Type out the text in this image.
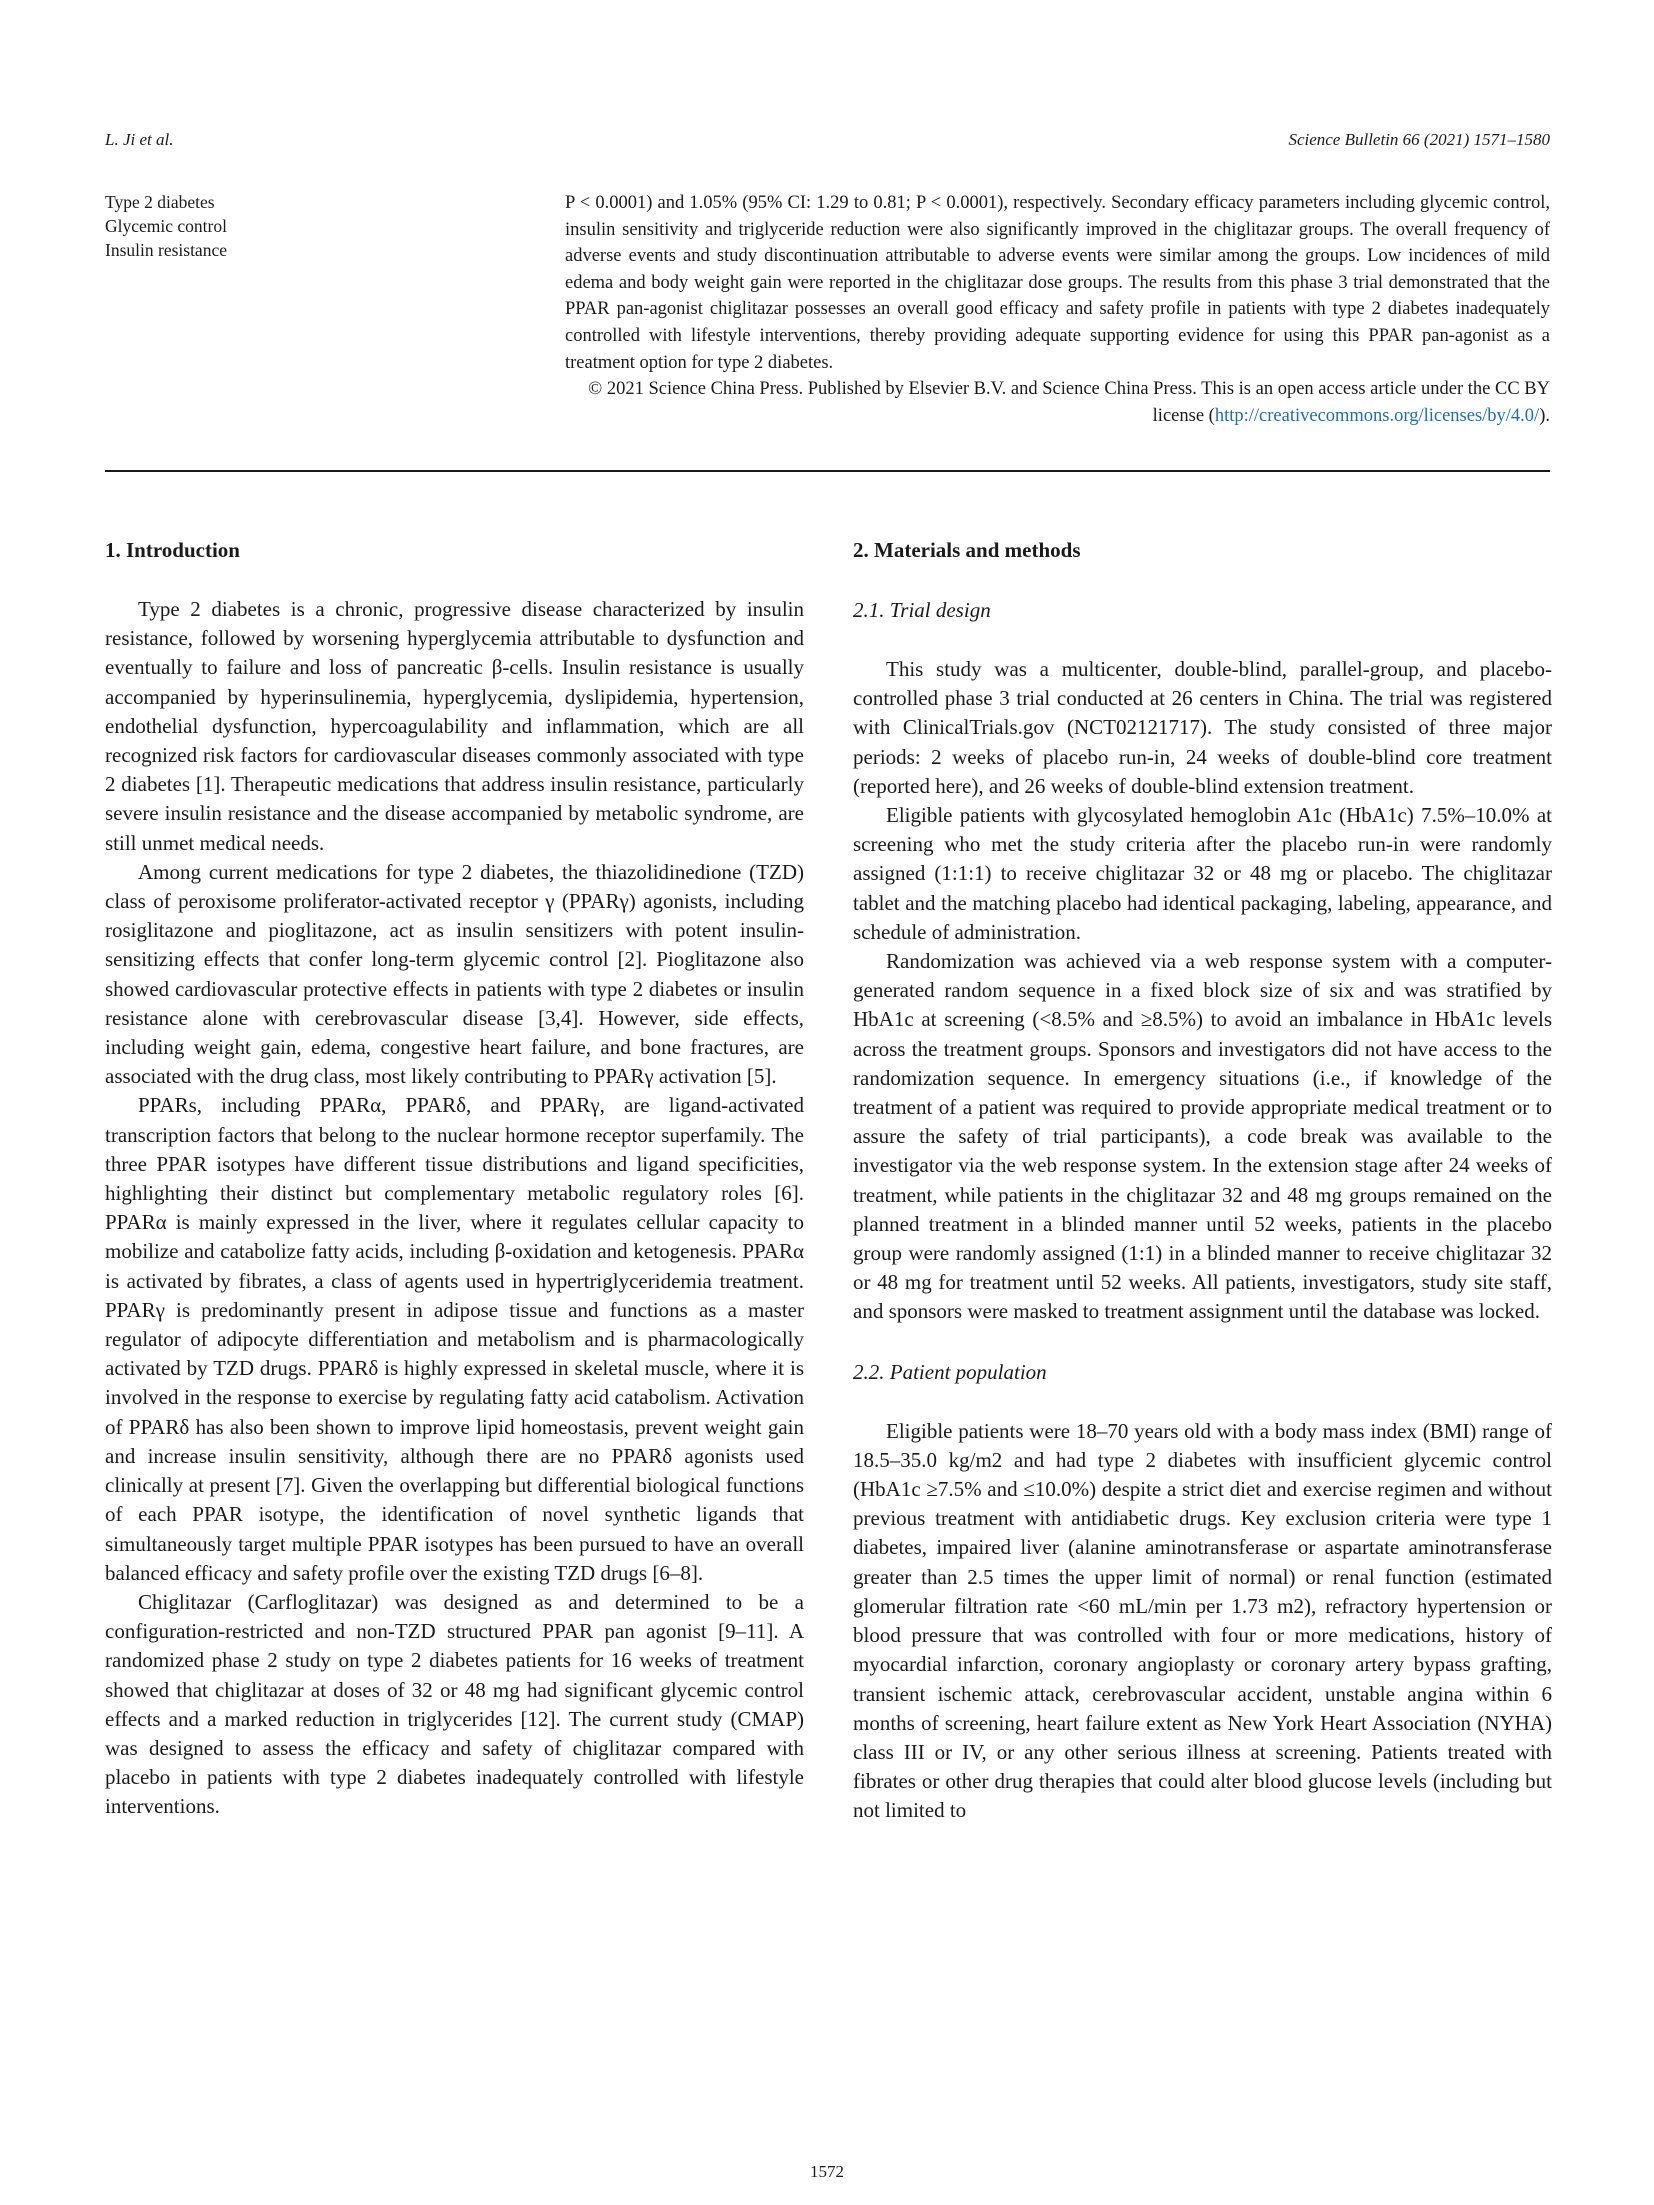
L. Ji et al.	Science Bulletin 66 (2021) 1571–1580
Type 2 diabetes
Glycemic control
Insulin resistance

P < 0.0001) and 1.05% (95% CI: 1.29 to 0.81; P < 0.0001), respectively. Secondary efficacy parameters including glycemic control, insulin sensitivity and triglyceride reduction were also significantly improved in the chiglitazar groups. The overall frequency of adverse events and study discontinuation attributable to adverse events were similar among the groups. Low incidences of mild edema and body weight gain were reported in the chiglitazar dose groups. The results from this phase 3 trial demonstrated that the PPAR pan-agonist chiglitazar possesses an overall good efficacy and safety profile in patients with type 2 diabetes inadequately controlled with lifestyle interventions, thereby providing adequate supporting evidence for using this PPAR pan-agonist as a treatment option for type 2 diabetes.

© 2021 Science China Press. Published by Elsevier B.V. and Science China Press. This is an open access article under the CC BY license (http://creativecommons.org/licenses/by/4.0/).

1. Introduction

Type 2 diabetes is a chronic, progressive disease characterized by insulin resistance, followed by worsening hyperglycemia attributable to dysfunction and eventually to failure and loss of pancreatic β-cells. Insulin resistance is usually accompanied by hyperinsulinemia, hyperglycemia, dyslipidemia, hypertension, endothelial dysfunction, hypercoagulability and inflammation, which are all recognized risk factors for cardiovascular diseases commonly associated with type 2 diabetes [1]. Therapeutic medications that address insulin resistance, particularly severe insulin resistance and the disease accompanied by metabolic syndrome, are still unmet medical needs.

Among current medications for type 2 diabetes, the thiazolidinedione (TZD) class of peroxisome proliferator-activated receptor γ (PPARγ) agonists, including rosiglitazone and pioglitazone, act as insulin sensitizers with potent insulin-sensitizing effects that confer long-term glycemic control [2]. Pioglitazone also showed cardiovascular protective effects in patients with type 2 diabetes or insulin resistance alone with cerebrovascular disease [3,4]. However, side effects, including weight gain, edema, congestive heart failure, and bone fractures, are associated with the drug class, most likely contributing to PPARγ activation [5].

PPARs, including PPARα, PPARδ, and PPARγ, are ligand-activated transcription factors that belong to the nuclear hormone receptor superfamily. The three PPAR isotypes have different tissue distributions and ligand specificities, highlighting their distinct but complementary metabolic regulatory roles [6]. PPARα is mainly expressed in the liver, where it regulates cellular capacity to mobilize and catabolize fatty acids, including β-oxidation and ketogenesis. PPARα is activated by fibrates, a class of agents used in hypertriglyceridemia treatment. PPARγ is predominantly present in adipose tissue and functions as a master regulator of adipocyte differentiation and metabolism and is pharmacologically activated by TZD drugs. PPARδ is highly expressed in skeletal muscle, where it is involved in the response to exercise by regulating fatty acid catabolism. Activation of PPARδ has also been shown to improve lipid homeostasis, prevent weight gain and increase insulin sensitivity, although there are no PPARδ agonists used clinically at present [7]. Given the overlapping but differential biological functions of each PPAR isotype, the identification of novel synthetic ligands that simultaneously target multiple PPAR isotypes has been pursued to have an overall balanced efficacy and safety profile over the existing TZD drugs [6–8].

Chiglitazar (Carfloglitazar) was designed as and determined to be a configuration-restricted and non-TZD structured PPAR pan agonist [9–11]. A randomized phase 2 study on type 2 diabetes patients for 16 weeks of treatment showed that chiglitazar at doses of 32 or 48 mg had significant glycemic control effects and a marked reduction in triglycerides [12]. The current study (CMAP) was designed to assess the efficacy and safety of chiglitazar compared with placebo in patients with type 2 diabetes inadequately controlled with lifestyle interventions.

2. Materials and methods
2.1. Trial design

This study was a multicenter, double-blind, parallel-group, and placebo-controlled phase 3 trial conducted at 26 centers in China. The trial was registered with ClinicalTrials.gov (NCT02121717). The study consisted of three major periods: 2 weeks of placebo run-in, 24 weeks of double-blind core treatment (reported here), and 26 weeks of double-blind extension treatment.

Eligible patients with glycosylated hemoglobin A1c (HbA1c) 7.5%–10.0% at screening who met the study criteria after the placebo run-in were randomly assigned (1:1:1) to receive chiglitazar 32 or 48 mg or placebo. The chiglitazar tablet and the matching placebo had identical packaging, labeling, appearance, and schedule of administration.

Randomization was achieved via a web response system with a computer-generated random sequence in a fixed block size of six and was stratified by HbA1c at screening (<8.5% and ≥8.5%) to avoid an imbalance in HbA1c levels across the treatment groups. Sponsors and investigators did not have access to the randomization sequence. In emergency situations (i.e., if knowledge of the treatment of a patient was required to provide appropriate medical treatment or to assure the safety of trial participants), a code break was available to the investigator via the web response system. In the extension stage after 24 weeks of treatment, while patients in the chiglitazar 32 and 48 mg groups remained on the planned treatment in a blinded manner until 52 weeks, patients in the placebo group were randomly assigned (1:1) in a blinded manner to receive chiglitazar 32 or 48 mg for treatment until 52 weeks. All patients, investigators, study site staff, and sponsors were masked to treatment assignment until the database was locked.

2.2. Patient population

Eligible patients were 18–70 years old with a body mass index (BMI) range of 18.5–35.0 kg/m2 and had type 2 diabetes with insufficient glycemic control (HbA1c ≥7.5% and ≤10.0%) despite a strict diet and exercise regimen and without previous treatment with antidiabetic drugs. Key exclusion criteria were type 1 diabetes, impaired liver (alanine aminotransferase or aspartate aminotransferase greater than 2.5 times the upper limit of normal) or renal function (estimated glomerular filtration rate <60 mL/min per 1.73 m2), refractory hypertension or blood pressure that was controlled with four or more medications, history of myocardial infarction, coronary angioplasty or coronary artery bypass grafting, transient ischemic attack, cerebrovascular accident, unstable angina within 6 months of screening, heart failure extent as New York Heart Association (NYHA) class III or IV, or any other serious illness at screening. Patients treated with fibrates or other drug therapies that could alter blood glucose levels (including but not limited to

1572
